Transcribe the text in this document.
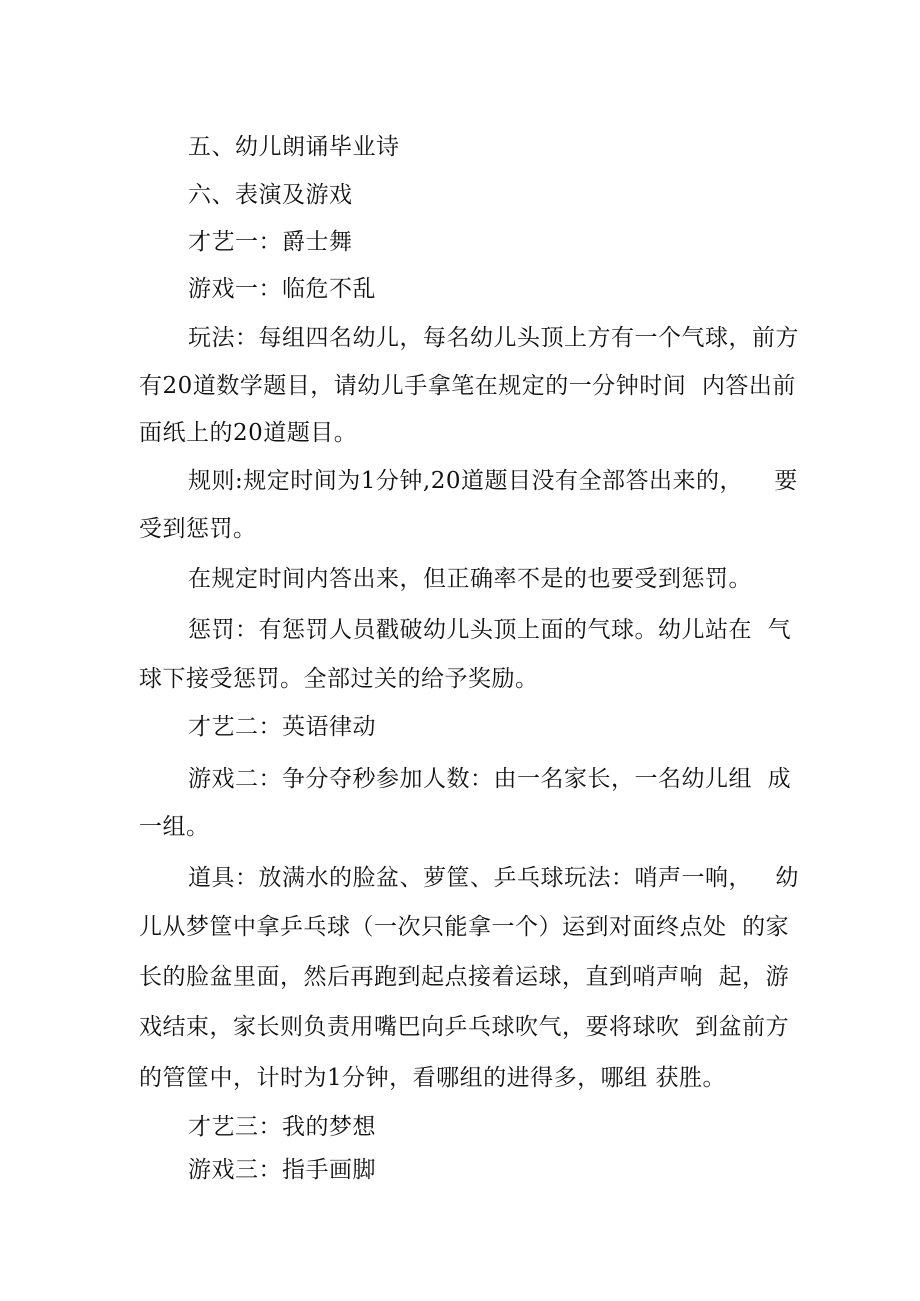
五、幼儿朗诵毕业诗
六、表演及游戏
才艺一：爵士舞
游戏一：临危不乱
玩法：每组四名幼儿，每名幼儿头顶上方有一个气球，前方
有20道数学题目，请幼儿手拿笔在规定的一分钟时间  内答出前
面纸上的20道题目。
规则:规定时间为1分钟,20道题目没有全部答出来的，    要
受到惩罚。
在规定时间内答出来，但正确率不是的也要受到惩罚。
惩罚：有惩罚人员戳破幼儿头顶上面的气球。幼儿站在  气
球下接受惩罚。全部过关的给予奖励。
才艺二：英语律动
游戏二：争分夺秒参加人数：由一名家长，一名幼儿组  成
一组。
道具：放满水的脸盆、萝筐、乒乓球玩法：哨声一响，   幼
儿从梦筐中拿乒乓球（一次只能拿一个）运到对面终点处  的家
长的脸盆里面，然后再跑到起点接着运球，直到哨声响  起，游
戏结束，家长则负责用嘴巴向乒乓球吹气，要将球吹  到盆前方
的管筐中，计时为1分钟，看哪组的进得多，哪组 获胜。
才艺三：我的梦想
游戏三：指手画脚
